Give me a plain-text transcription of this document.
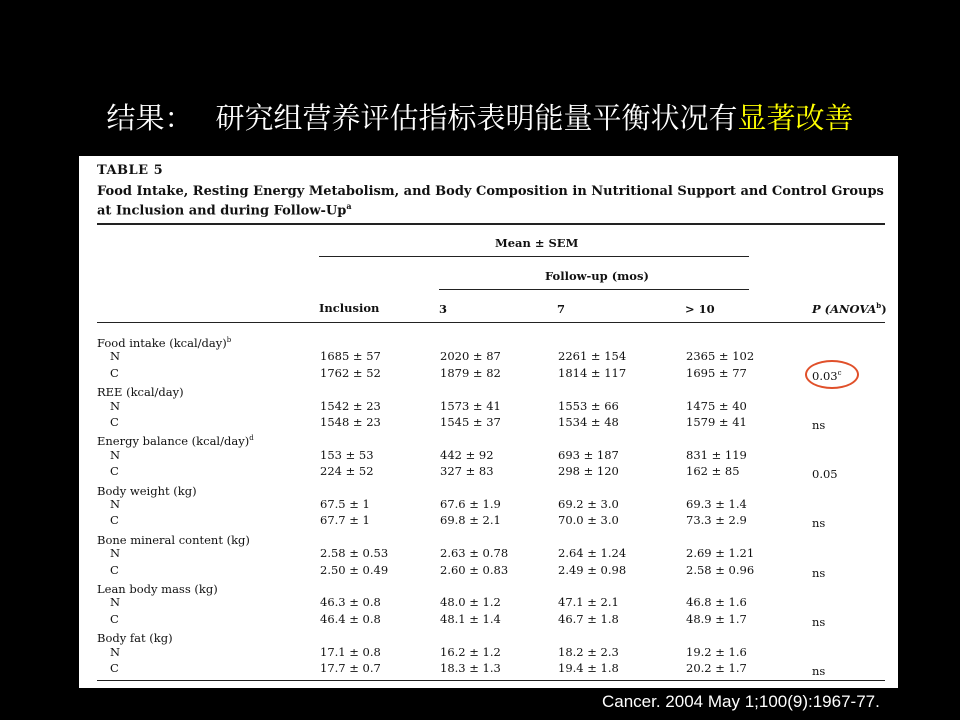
结果： 研究组营养评估指标表明能量平衡状况有显著改善
TABLE 5
Food Intake, Resting Energy Metabolism, and Body Composition in Nutritional Support and Control Groups at Inclusion and during Follow-Up$^a$
Mean ± SEM
Follow-up (mos)
Inclusion	3	7	> 10	P (ANOVA$^b$)
Food intake (kcal/day)$^b$
N	1685 ± 57	2020 ± 87	2261 ± 154	2365 ± 102
C	1762 ± 52	1879 ± 82	1814 ± 117	1695 ± 77	0.03$^c$
REE (kcal/day)
N	1542 ± 23	1573 ± 41	1553 ± 66	1475 ± 40
C	1548 ± 23	1545 ± 37	1534 ± 48	1579 ± 41	ns
Energy balance (kcal/day)$^d$
N	153 ± 53	442 ± 92	693 ± 187	831 ± 119
C	224 ± 52	327 ± 83	298 ± 120	162 ± 85	0.05
Body weight (kg)
N	67.5 ± 1	67.6 ± 1.9	69.2 ± 3.0	69.3 ± 1.4
C	67.7 ± 1	69.8 ± 2.1	70.0 ± 3.0	73.3 ± 2.9	ns
Bone mineral content (kg)
N	2.58 ± 0.53	2.63 ± 0.78	2.64 ± 1.24	2.69 ± 1.21
C	2.50 ± 0.49	2.60 ± 0.83	2.49 ± 0.98	2.58 ± 0.96	ns
Lean body mass (kg)
N	46.3 ± 0.8	48.0 ± 1.2	47.1 ± 2.1	46.8 ± 1.6
C	46.4 ± 0.8	48.1 ± 1.4	46.7 ± 1.8	48.9 ± 1.7	ns
Body fat (kg)
N	17.1 ± 0.8	16.2 ± 1.2	18.2 ± 2.3	19.2 ± 1.6
C	17.7 ± 0.7	18.3 ± 1.3	19.4 ± 1.8	20.2 ± 1.7	ns
Cancer. 2004 May 1;100(9):1967-77.
